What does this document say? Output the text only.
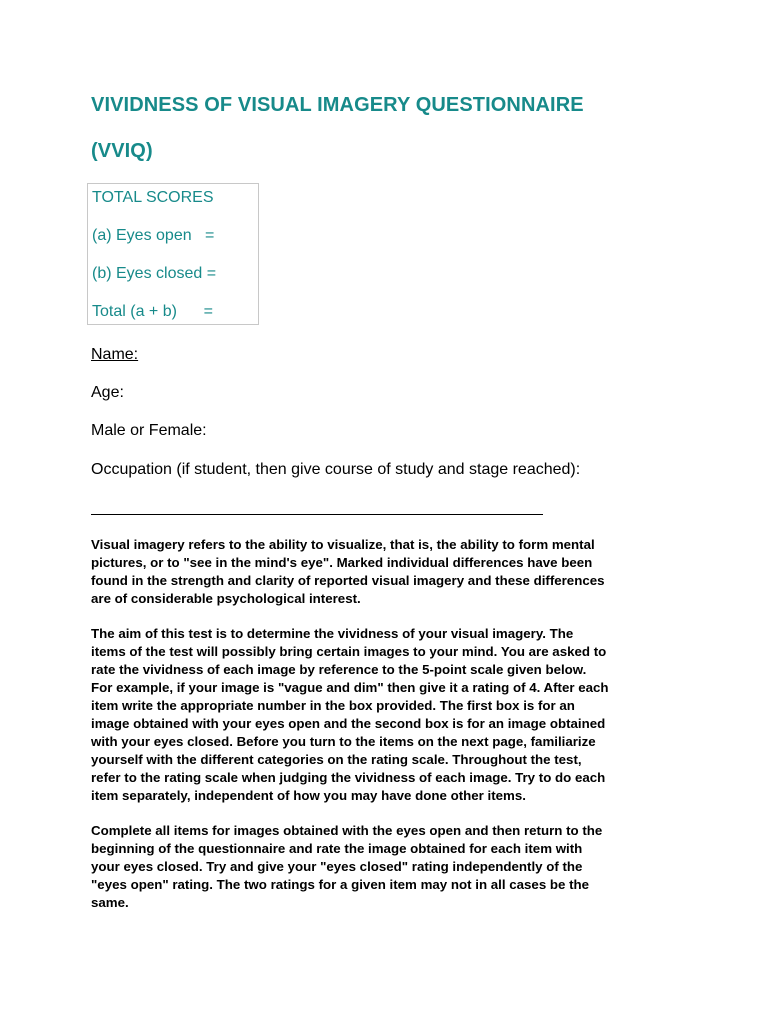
VIVIDNESS OF VISUAL IMAGERY QUESTIONNAIRE
(VVIQ)
TOTAL SCORES
(a) Eyes open   =
(b) Eyes closed =
Total (a + b)      =
Name:
Age:
Male or Female:
Occupation (if student, then give course of study and stage reached):

Visual imagery refers to the ability to visualize, that is, the ability to form mental
pictures, or to "see in the mind's eye". Marked individual differences have been
found in the strength and clarity of reported visual imagery and these differences
are of considerable psychological interest.

The aim of this test is to determine the vividness of your visual imagery. The
items of the test will possibly bring certain images to your mind. You are asked to
rate the vividness of each image by reference to the 5-point scale given below.
For example, if your image is "vague and dim" then give it a rating of 4. After each
item write the appropriate number in the box provided. The first box is for an
image obtained with your eyes open and the second box is for an image obtained
with your eyes closed. Before you turn to the items on the next page, familiarize
yourself with the different categories on the rating scale. Throughout the test,
refer to the rating scale when judging the vividness of each image. Try to do each
item separately, independent of how you may have done other items.

Complete all items for images obtained with the eyes open and then return to the
beginning of the questionnaire and rate the image obtained for each item with
your eyes closed. Try and give your "eyes closed" rating independently of the
"eyes open" rating. The two ratings for a given item may not in all cases be the
same.
